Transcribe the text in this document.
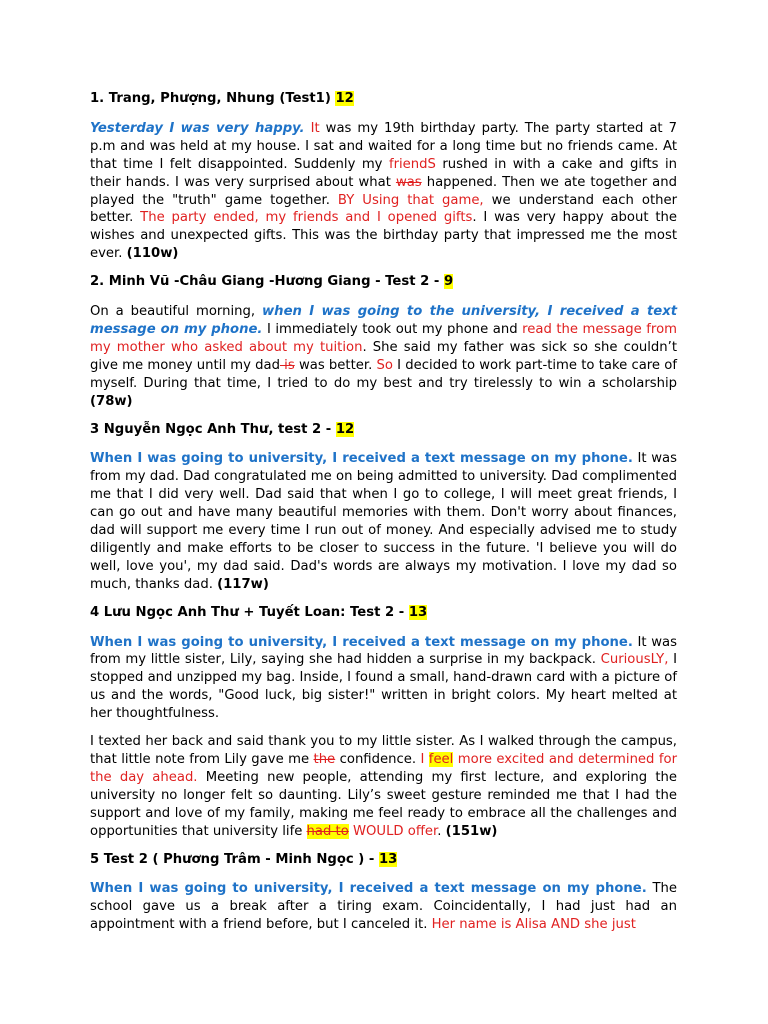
1. Trang, Phượng, Nhung (Test1) 12
Yesterday I was very happy. It was my 19th birthday party. The party started at 7 p.m and was held at my house. I sat and waited for a long time but no friends came. At that time I felt disappointed. Suddenly my friendS rushed in with a cake and gifts in their hands. I was very surprised about what was happened. Then we ate together and played the "truth" game together. BY Using that game, we understand each other better. The party ended, my friends and I opened gifts. I was very happy about the wishes and unexpected gifts. This was the birthday party that impressed me the most ever. (110w)
2. Minh Vũ -Châu Giang -Hương Giang - Test 2 - 9
On a beautiful morning, when I was going to the university, I received a text message on my phone. I immediately took out my phone and read the message from my mother who asked about my tuition. She said my father was sick so she couldn’t give me money until my dad is was better. So I decided to work part-time to take care of myself. During that time, I tried to do my best and try tirelessly to win a scholarship (78w)
3 Nguyễn Ngọc Anh Thư, test 2 - 12
When I was going to university, I received a text message on my phone. It was from my dad. Dad congratulated me on being admitted to university. Dad complimented me that I did very well. Dad said that when I go to college, I will meet great friends, I can go out and have many beautiful memories with them. Don't worry about finances, dad will support me every time I run out of money. And especially advised me to study diligently and make efforts to be closer to success in the future. 'I believe you will do well, love you', my dad said. Dad's words are always my motivation. I love my dad so much, thanks dad. (117w)
4 Lưu Ngọc Anh Thư + Tuyết Loan: Test 2 - 13
When I was going to university, I received a text message on my phone. It was from my little sister, Lily, saying she had hidden a surprise in my backpack. CuriousLY, I stopped and unzipped my bag. Inside, I found a small, hand-drawn card with a picture of us and the words, "Good luck, big sister!" written in bright colors. My heart melted at her thoughtfulness.
I texted her back and said thank you to my little sister. As I walked through the campus, that little note from Lily gave me the confidence. I feel more excited and determined for the day ahead. Meeting new people, attending my first lecture, and exploring the university no longer felt so daunting. Lily’s sweet gesture reminded me that I had the support and love of my family, making me feel ready to embrace all the challenges and opportunities that university life had to WOULD offer. (151w)
5 Test 2 ( Phương Trâm - Minh Ngọc ) - 13
When I was going to university, I received a text message on my phone. The school gave us a break after a tiring exam. Coincidentally, I had just had an appointment with a friend before, but I canceled it. Her name is Alisa AND she just
